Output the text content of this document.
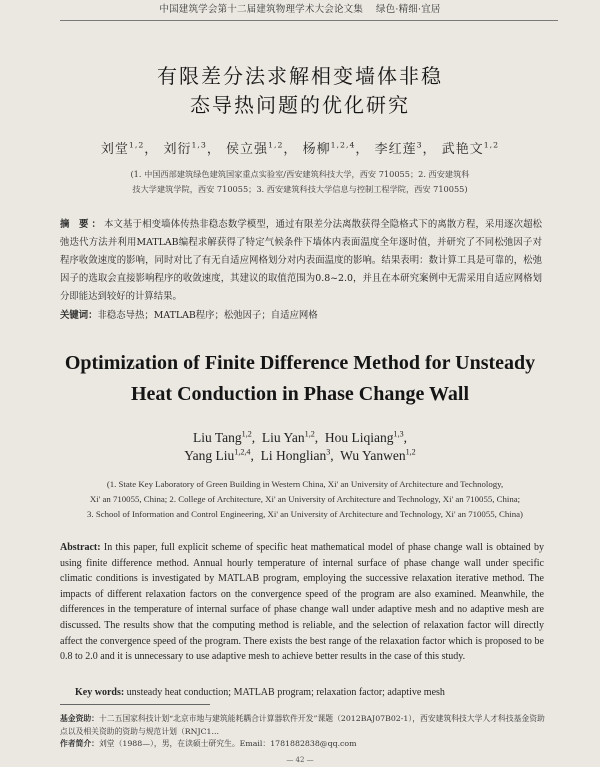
中国建筑学会第十二届建筑物理学术大会论文集 绿色·精细·宜居
有限差分法求解相变墙体非稳
态导热问题的优化研究
刘堂$^{1,2}$， 刘衍$^{1,3}$， 侯立强$^{1,2}$， 杨柳$^{1,2,4}$， 李红莲$^3$， 武艳文$^{1,2}$
(1. 中国西部建筑绿色建筑国家重点实验室/西安建筑科技大学，西安 710055；2. 西安建筑科
技大学建筑学院，西安 710055；3. 西安建筑科技大学信息与控制工程学院，西安 710055)
摘 要：本文基于相变墙体传热非稳态数学模型，通过有限差分法离散获得全隐格式下的离散方程，采用逐次超松弛迭代方法并利用MATLAB编程求解获得了特定气候条件下墙体内表面温度全年逐时值，并研究了不同松弛因子对程序收敛速度的影响，同时对比了有无自适应网格划分对内表面温度的影响。结果表明：数计算工具是可靠的，松弛因子的选取会直接影响程序的收敛速度，其建议的取值范围为0.8~2.0，并且在本研究案例中无需采用自适应网格划分即能达到较好的计算结果。
关键词：非稳态导热；MATLAB程序；松弛因子；自适应网格
Optimization of Finite Difference Method for Unsteady
Heat Conduction in Phase Change Wall
Liu Tang$^{1,2}$,  Liu Yan$^{1,2}$,  Hou Liqiang$^{1,3}$,
Yang Liu$^{1,2,4}$,  Li Honglian$^3$,  Wu Yanwen$^{1,2}$
(1. State Key Laboratory of Green Building in Western China, Xi' an University of Architecture and Technology,
Xi' an 710055, China; 2. College of Architecture, Xi' an University of Architecture and Technology, Xi' an 710055, China;
3. School of Information and Control Engineering, Xi' an University of Architecture and Technology, Xi' an 710055, China)
Abstract: In this paper, full explicit scheme of specific heat mathematical model of phase change wall is obtained by using finite difference method. Annual hourly temperature of internal surface of phase change wall under specific climatic conditions is investigated by MATLAB program, employing the successive relaxation iterative method. The impacts of different relaxation factors on the convergence speed of the program are also examined. Meanwhile, the differences in the temperature of internal surface of phase change wall under adaptive mesh and no adaptive mesh are discussed. The results show that the computing method is reliable, and the selection of relaxation factor will directly affect the convergence speed of the program. There exists the best range of the relaxation factor which is proposed to be 0.8 to 2.0 and it is unnecessary to use adaptive mesh to achieve better results in the case of this study.
Key words: unsteady heat conduction; MATLAB program; relaxation factor; adaptive mesh
基金资助：十二五国家科技计划“北京市地与建筑能耗耦合计算器软件开发”课题（2012BAJ07B02-1），西安建筑科技大学人才科技基金资助点以及相关资助的资助与规范计划（RNJC1...
作者简介：刘堂（1988—），男，在读硕士研究生。Email：1781882838@qq.com
— 42 —
